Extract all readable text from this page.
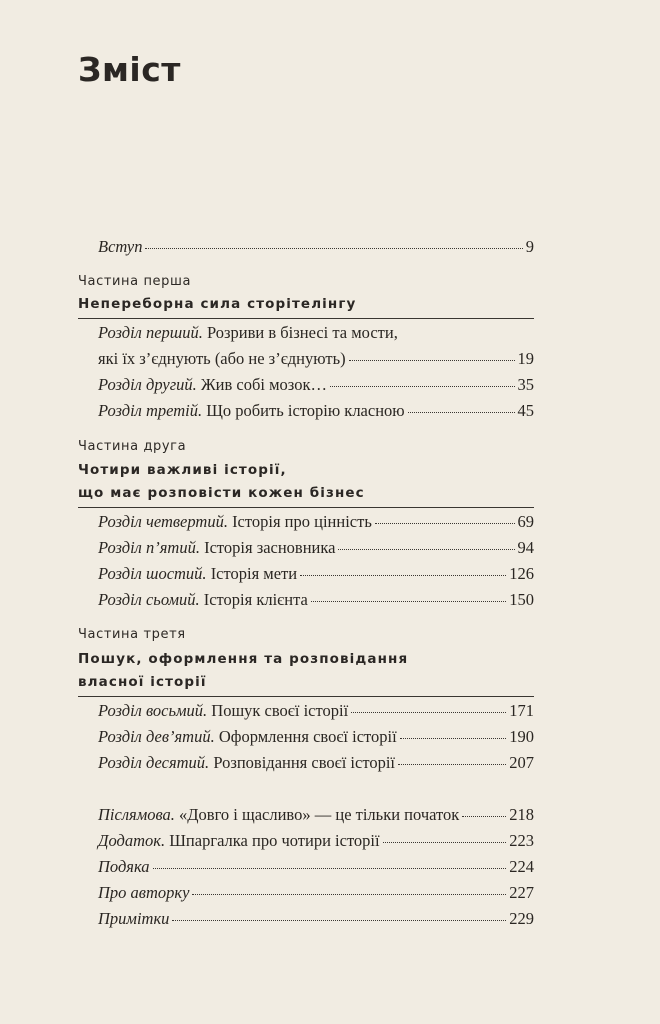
Зміст
Вступ	9
Частина перша
Непереборна сила сторітелінгу
Розділ перший. Розриви в бізнесі та мости,
які їх з’єднують (або не з’єднують)	19
Розділ другий. Жив собі мозок…	35
Розділ третій. Що робить історію класною	45
Частина друга
Чотири важливі історії,
що має розповісти кожен бізнес
Розділ четвертий. Історія про цінність	69
Розділ п’ятий. Історія засновника	94
Розділ шостий. Історія мети	126
Розділ сьомий. Історія клієнта	150
Частина третя
Пошук, оформлення та розповідання
власної історії
Розділ восьмий. Пошук своєї історії	171
Розділ дев’ятий. Оформлення своєї історії	190
Розділ десятий. Розповідання своєї історії	207
Післямова. «Довго і щасливо» — це тільки початок	218
Додаток. Шпаргалка про чотири історії	223
Подяка	224
Про авторку	227
Примітки	229
